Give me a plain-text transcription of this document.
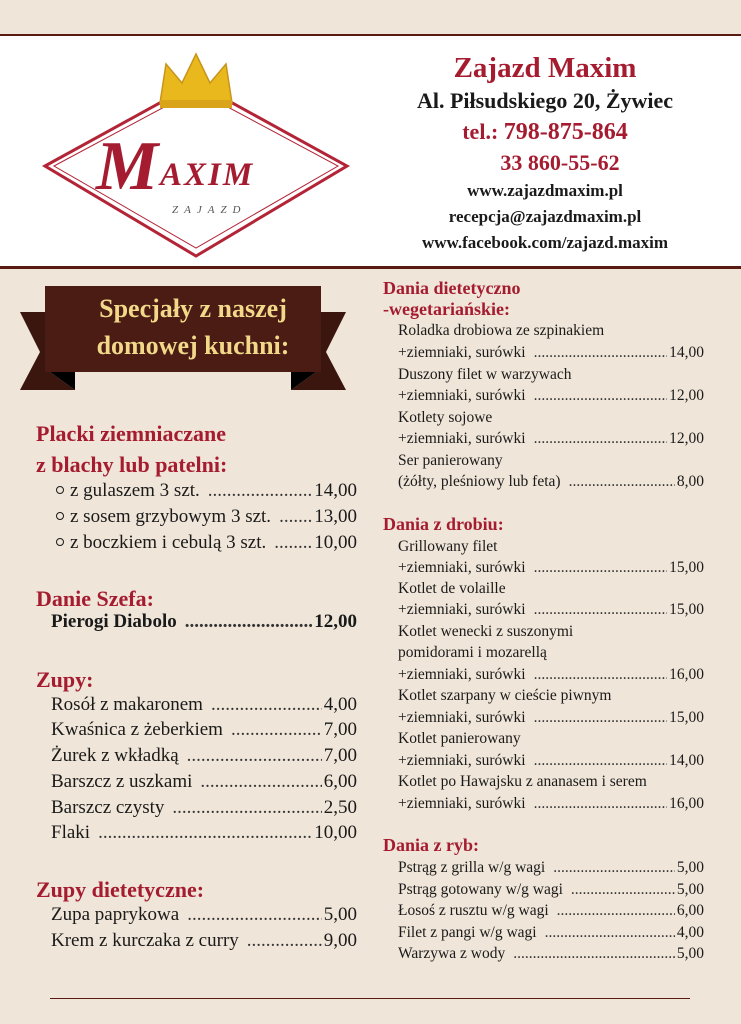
M AXIM
ZAJAZD
Zajazd Maxim
Al. Piłsudskiego 20, Żywiec
tel.: 798-875-864
33 860-55-62
www.zajazdmaxim.pl
recepcja@zajazdmaxim.pl
www.facebook.com/zajazd.maxim
Specjały z naszej
domowej kuchni:
Placki ziemniaczane
z blachy lub patelni:
z gulaszem 3 szt. .....	14,00
z sosem grzybowym 3 szt. ..... 13,00
z boczkiem i cebulą 3 szt. .....	10,00
Danie Szefa:
Pierogi Diabolo .....	12,00
Zupy:
Rosół z makaronem .....	4,00
Kwaśnica z żeberkiem .....	7,00
Żurek z wkładką .....	7,00
Barszcz z uszkami .....	6,00
Barszcz czysty .....	2,50
Flaki .....	10,00
Zupy dietetyczne:
Zupa paprykowa .....	5,00
Krem z kurczaka z curry .....	9,00
Dania dietetyczno
-wegetariańskie:
Roladka drobiowa ze szpinakiem
+ziemniaki, surówki .....	14,00
Duszony filet w warzywach
+ziemniaki, surówki .....	12,00
Kotlety sojowe
+ziemniaki, surówki .....	12,00
Ser panierowany
(żółty, pleśniowy lub feta) .....	8,00
Dania z drobiu:
Grillowany filet
+ziemniaki, surówki .....	15,00
Kotlet de volaille
+ziemniaki, surówki .....	15,00
Kotlet wenecki z suszonymi
pomidorami i mozarellą
+ziemniaki, surówki .....	16,00
Kotlet szarpany w cieście piwnym
+ziemniaki, surówki .....	15,00
Kotlet panierowany
+ziemniaki, surówki .....	14,00
Kotlet po Hawajsku z ananasem i serem
+ziemniaki, surówki .....	16,00
Dania z ryb:
Pstrąg z grilla w/g wagi .....	5,00
Pstrąg gotowany w/g wagi .....	5,00
Łosoś z rusztu w/g wagi .....	6,00
Filet z pangi w/g wagi .....	4,00
Warzywa z wody .....	5,00
